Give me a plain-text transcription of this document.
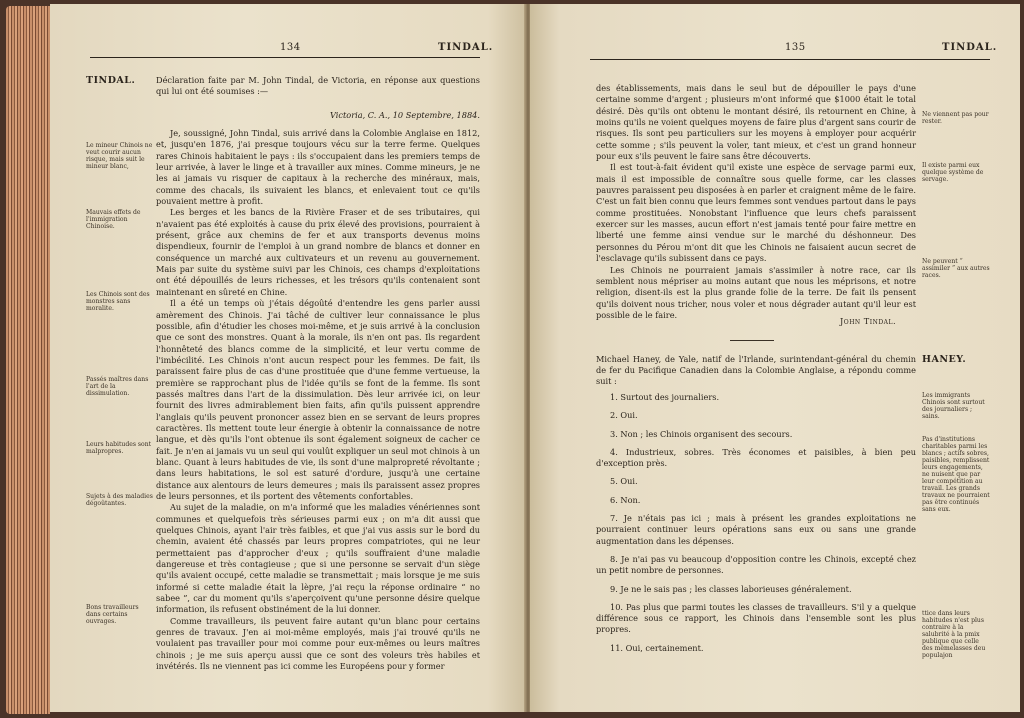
134	TINDAL.
TINDAL.	Déclaration faite par M. John Tindal, de Victoria, en réponse aux questions qui lui ont été soumises :—
Victoria, C. A., 10 Septembre, 1884.

Je, soussigné, John Tindal, suis arrivé dans la Colombie Anglaise en 1812, et, jusqu'en 1876, j'ai presque toujours vécu sur la terre ferme. Quelques rares Chinois habitaient le pays : ils s'occupaient dans les premiers temps de leur arrivée, à laver le linge et à travailler aux mines. Comme mineurs, je ne les ai jamais vu risquer de capitaux à la recherche des minéraux, mais, comme des chacals, ils suivaient les blancs, et enlevaient tout ce qu'ils pouvaient mettre à profit.

Les berges et les bancs de la Rivière Fraser et de ses tributaires, qui n'avaient pas été exploités à cause du prix élevé des provisions, pourraient à présent, grâce aux chemins de fer et aux transports devenus moins dispendieux, fournir de l'emploi à un grand nombre de blancs et donner en conséquence un marché aux cultivateurs et un revenu au gouvernement. Mais par suite du système suivi par les Chinois, ces champs d'exploitations ont été dépouillés de leurs richesses, et les trésors qu'ils contenaient sont maintenant en sûreté en Chine.

Il a été un temps où j'étais dégoûté d'entendre les gens parler aussi amèrement des Chinois. J'ai tâché de cultiver leur connaissance le plus possible, afin d'étudier les choses moi-même, et je suis arrivé à la conclusion que ce sont des monstres. Quant à la morale, ils n'en ont pas. Ils regardent l'honnêteté des blancs comme de la simplicité, et leur vertu comme de l'imbécilité. Les Chinois n'ont aucun respect pour les femmes. De fait, ils paraissent faire plus de cas d'une prostituée que d'une femme vertueuse, la première se rapprochant plus de l'idée qu'ils se font de la femme. Ils sont passés maîtres dans l'art de la dissimulation. Dès leur arrivée ici, on leur fournit des livres admirablement bien faits, afin qu'ils puissent apprendre l'anglais qu'ils peuvent prononcer assez bien en se servant de leurs propres caractères. Ils mettent toute leur énergie à obtenir la connaissance de notre langue, et dès qu'ils l'ont obtenue ils sont également soigneux de cacher ce fait. Je n'en ai jamais vu un seul qui voulût expliquer un seul mot chinois à un blanc. Quant à leurs habitudes de vie, ils sont d'une malpropreté révoltante ; dans leurs habitations, le sol est saturé d'ordure, jusqu'à une certaine distance aux alentours de leurs demeures ; mais ils paraissent assez propres de leurs personnes, et ils portent des vêtements confortables.

Au sujet de la maladie, on m'a informé que les maladies vénériennes sont communes et quelquefois très sérieuses parmi eux ; on m'a dit aussi que quelques Chinois, ayant l'air très faibles, et que j'ai vus assis sur le bord du chemin, avaient été chassés par leurs propres compatriotes, qui ne leur permettaient pas d'approcher d'eux ; qu'ils souffraient d'une maladie dangereuse et très contagieuse ; que si une personne se servait d'un siège qu'ils avaient occupé, cette maladie se transmettait ; mais lorsque je me suis informé si cette maladie était la lèpre, j'ai reçu la réponse ordinaire “ no sabee ”, car du moment qu'ils s'aperçoivent qu'une personne désire quelque information, ils refusent obstinément de la lui donner.

Comme travailleurs, ils peuvent faire autant qu'un blanc pour certains genres de travaux. J'en ai moi-même employés, mais j'ai trouvé qu'ils ne voulaient pas travailler pour moi comme pour eux-mêmes ou leurs maîtres chinois ; je me suis aperçu aussi que ce sont des voleurs très habiles et invétérés. Ils ne viennent pas ici comme les Européens pour y former

Le mineur Chinois ne veut courir aucun risque, mais suit le mineur blanc,
Mauvais effets de l'immigration Chinoise.
Les Chinois sont des monstres sans moralite.
Passés maîtres dans l'art de la dissimulation.
Leurs habitudes sont malpropres.
Sujets à des maladies dégoûtantes.
Bons travailleurs dans certains ouvrages.
135	TINDAL.

des établissements, mais dans le seul but de dépouiller le pays d'une certaine somme d'argent ; plusieurs m'ont informé que $1000 était le total désiré. Dès qu'ils ont obtenu le montant désiré, ils retournent en Chine, à moins qu'ils ne voient quelques moyens de faire plus d'argent sans courir de risques. Ils sont peu particuliers sur les moyens à employer pour acquérir cette somme ; s'ils peuvent la voler, tant mieux, et c'est un grand honneur pour eux s'ils peuvent le faire sans être découverts.

Il est tout-à-fait évident qu'il existe une espèce de servage parmi eux, mais il est impossible de connaître sous quelle forme, car les classes pauvres paraissent peu disposées à en parler et craignent même de le faire. C'est un fait bien connu que leurs femmes sont vendues partout dans le pays comme prostituées. Nonobstant l'influence que leurs chefs paraissent exercer sur les masses, aucun effort n'est jamais tenté pour faire mettre en liberté une femme ainsi vendue sur le marché du déshonneur. Des personnes du Pérou m'ont dit que les Chinois ne faisaient aucun secret de l'esclavage qu'ils subissent dans ce pays.

Les Chinois ne pourraient jamais s'assimiler à notre race, car ils semblent nous mépriser au moins autant que nous les méprisons, et notre religion, disent-ils est la plus grande folie de la terre. De fait ils pensent qu'ils doivent nous tricher, nous voler et nous dégrader autant qu'il leur est possible de le faire.

Ne viennent pas pour rester.
Il existe parmi eux quelque système de servage.
Ne peuvent “ assimiler ” aux autres races.
John Tindal.
Michael Haney, de Yale, natif de l'Irlande, surintendant-général du chemin de fer du Pacifique Canadien dans la Colombie Anglaise, a répondu comme suit :
HANEY.

1. Surtout des journaliers.

2. Oui.

3. Non ; les Chinois organisent des secours.

4. Industrieux, sobres. Très économes et paisibles, à bien peu d'exception près.

5. Oui.

6. Non.

7. Je n'étais pas ici ; mais à présent les grandes exploitations ne pourraient continuer leurs opérations sans eux ou sans une grande augmentation dans les dépenses.

8. Je n'ai pas vu beaucoup d'opposition contre les Chinois, excepté chez un petit nombre de personnes.

9. Je ne le sais pas ; les classes laborieuses généralement.

10. Pas plus que parmi toutes les classes de travailleurs. S'il y a quelque différence sous ce rapport, les Chinois dans l'ensemble sont les plus propres.

11. Oui, certainement.

Les immigrants Chinois sont surtout des journaliers ; sains.
Pas d'institutions charitables parmi les blancs ; actifs sobres, paisibles, remplissent leurs engagements, ne nuisent que par leur compétition au travail. Les grands travaux ne pourraient pas être continués sans eux.
ttice dans leurs habitudes n'est plus contraire à la salubrité à la pmix publique que celle des mêmelasses deu populajon
